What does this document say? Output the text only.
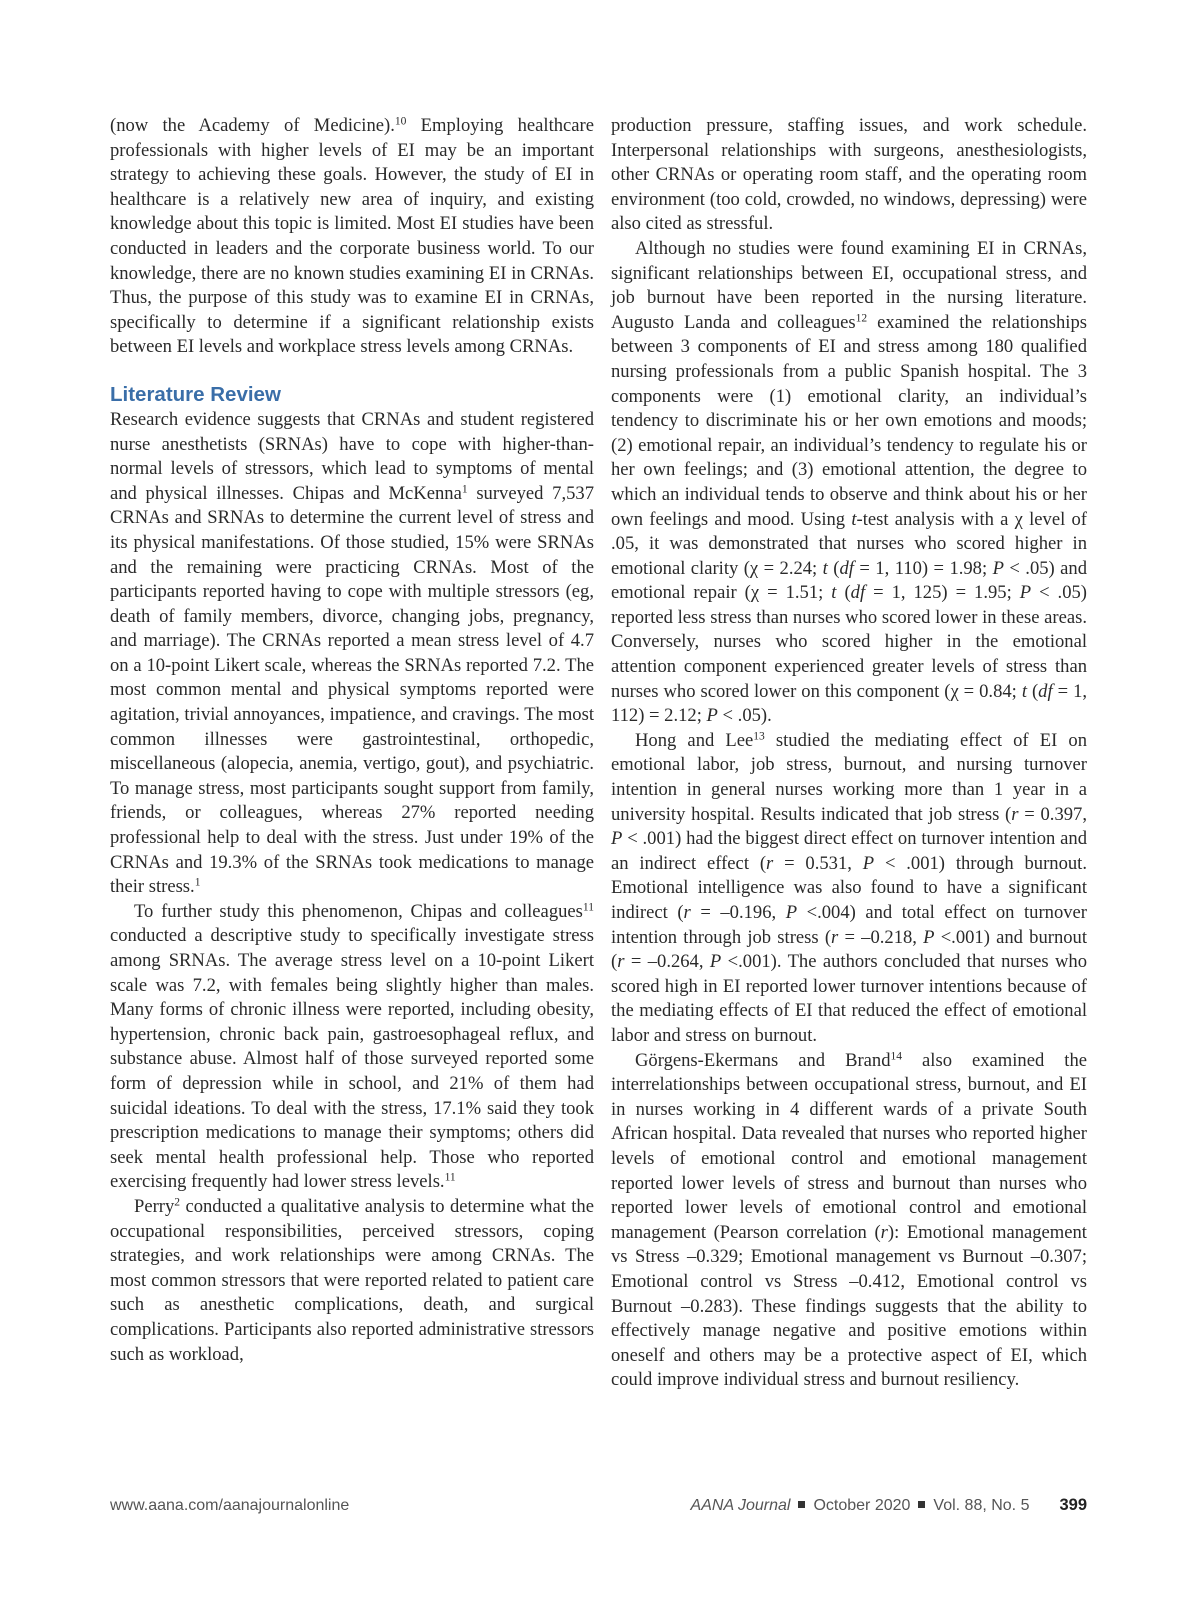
(now the Academy of Medicine).$^{10}$ Employing healthcare professionals with higher levels of EI may be an important strategy to achieving these goals. However, the study of EI in healthcare is a relatively new area of inquiry, and existing knowledge about this topic is limited. Most EI studies have been conducted in leaders and the corporate business world. To our knowledge, there are no known studies examining EI in CRNAs. Thus, the purpose of this study was to examine EI in CRNAs, specifically to determine if a significant relationship exists between EI levels and workplace stress levels among CRNAs.

Literature Review

Research evidence suggests that CRNAs and student registered nurse anesthetists (SRNAs) have to cope with higher-than-normal levels of stressors, which lead to symptoms of mental and physical illnesses. Chipas and McKenna$^1$ surveyed 7,537 CRNAs and SRNAs to determine the current level of stress and its physical manifestations. Of those studied, 15% were SRNAs and the remaining were practicing CRNAs. Most of the participants reported having to cope with multiple stressors (eg, death of family members, divorce, changing jobs, pregnancy, and marriage). The CRNAs reported a mean stress level of 4.7 on a 10-point Likert scale, whereas the SRNAs reported 7.2. The most common mental and physical symptoms reported were agitation, trivial annoyances, impatience, and cravings. The most common illnesses were gastrointestinal, orthopedic, miscellaneous (alopecia, anemia, vertigo, gout), and psychiatric. To manage stress, most participants sought support from family, friends, or colleagues, whereas 27% reported needing professional help to deal with the stress. Just under 19% of the CRNAs and 19.3% of the SRNAs took medications to manage their stress.$^1$

To further study this phenomenon, Chipas and colleagues$^{11}$ conducted a descriptive study to specifically investigate stress among SRNAs. The average stress level on a 10-point Likert scale was 7.2, with females being slightly higher than males. Many forms of chronic illness were reported, including obesity, hypertension, chronic back pain, gastroesophageal reflux, and substance abuse. Almost half of those surveyed reported some form of depression while in school, and 21% of them had suicidal ideations. To deal with the stress, 17.1% said they took prescription medications to manage their symptoms; others did seek mental health professional help. Those who reported exercising frequently had lower stress levels.$^{11}$

Perry$^2$ conducted a qualitative analysis to determine what the occupational responsibilities, perceived stressors, coping strategies, and work relationships were among CRNAs. The most common stressors that were reported related to patient care such as anesthetic complications, death, and surgical complications. Participants also reported administrative stressors such as workload,

production pressure, staffing issues, and work schedule. Interpersonal relationships with surgeons, anesthesiologists, other CRNAs or operating room staff, and the operating room environment (too cold, crowded, no windows, depressing) were also cited as stressful.

Although no studies were found examining EI in CRNAs, significant relationships between EI, occupational stress, and job burnout have been reported in the nursing literature. Augusto Landa and colleagues$^{12}$ examined the relationships between 3 components of EI and stress among 180 qualified nursing professionals from a public Spanish hospital. The 3 components were (1) emotional clarity, an individual’s tendency to discriminate his or her own emotions and moods; (2) emotional repair, an individual’s tendency to regulate his or her own feelings; and (3) emotional attention, the degree to which an individual tends to observe and think about his or her own feelings and mood. Using t-test analysis with a χ level of .05, it was demonstrated that nurses who scored higher in emotional clarity (χ = 2.24; t (df = 1, 110) = 1.98; P < .05) and emotional repair (χ = 1.51; t (df = 1, 125) = 1.95; P < .05) reported less stress than nurses who scored lower in these areas. Conversely, nurses who scored higher in the emotional attention component experienced greater levels of stress than nurses who scored lower on this component (χ = 0.84; t (df = 1, 112) = 2.12; P < .05).

Hong and Lee$^{13}$ studied the mediating effect of EI on emotional labor, job stress, burnout, and nursing turnover intention in general nurses working more than 1 year in a university hospital. Results indicated that job stress (r = 0.397, P < .001) had the biggest direct effect on turnover intention and an indirect effect (r = 0.531, P < .001) through burnout. Emotional intelligence was also found to have a significant indirect (r = –0.196, P <.004) and total effect on turnover intention through job stress (r = –0.218, P <.001) and burnout (r = –0.264, P <.001). The authors concluded that nurses who scored high in EI reported lower turnover intentions because of the mediating effects of EI that reduced the effect of emotional labor and stress on burnout.

Görgens-Ekermans and Brand$^{14}$ also examined the interrelationships between occupational stress, burnout, and EI in nurses working in 4 different wards of a private South African hospital. Data revealed that nurses who reported higher levels of emotional control and emotional management reported lower levels of stress and burnout than nurses who reported lower levels of emotional control and emotional management (Pearson correlation (r): Emotional management vs Stress –0.329; Emotional management vs Burnout –0.307; Emotional control vs Stress –0.412, Emotional control vs Burnout –0.283). These findings suggests that the ability to effectively manage negative and positive emotions within oneself and others may be a protective aspect of EI, which could improve individual stress and burnout resiliency.

www.aana.com/aanajournalonline	AANA Journal October 2020 Vol. 88, No. 5 399
